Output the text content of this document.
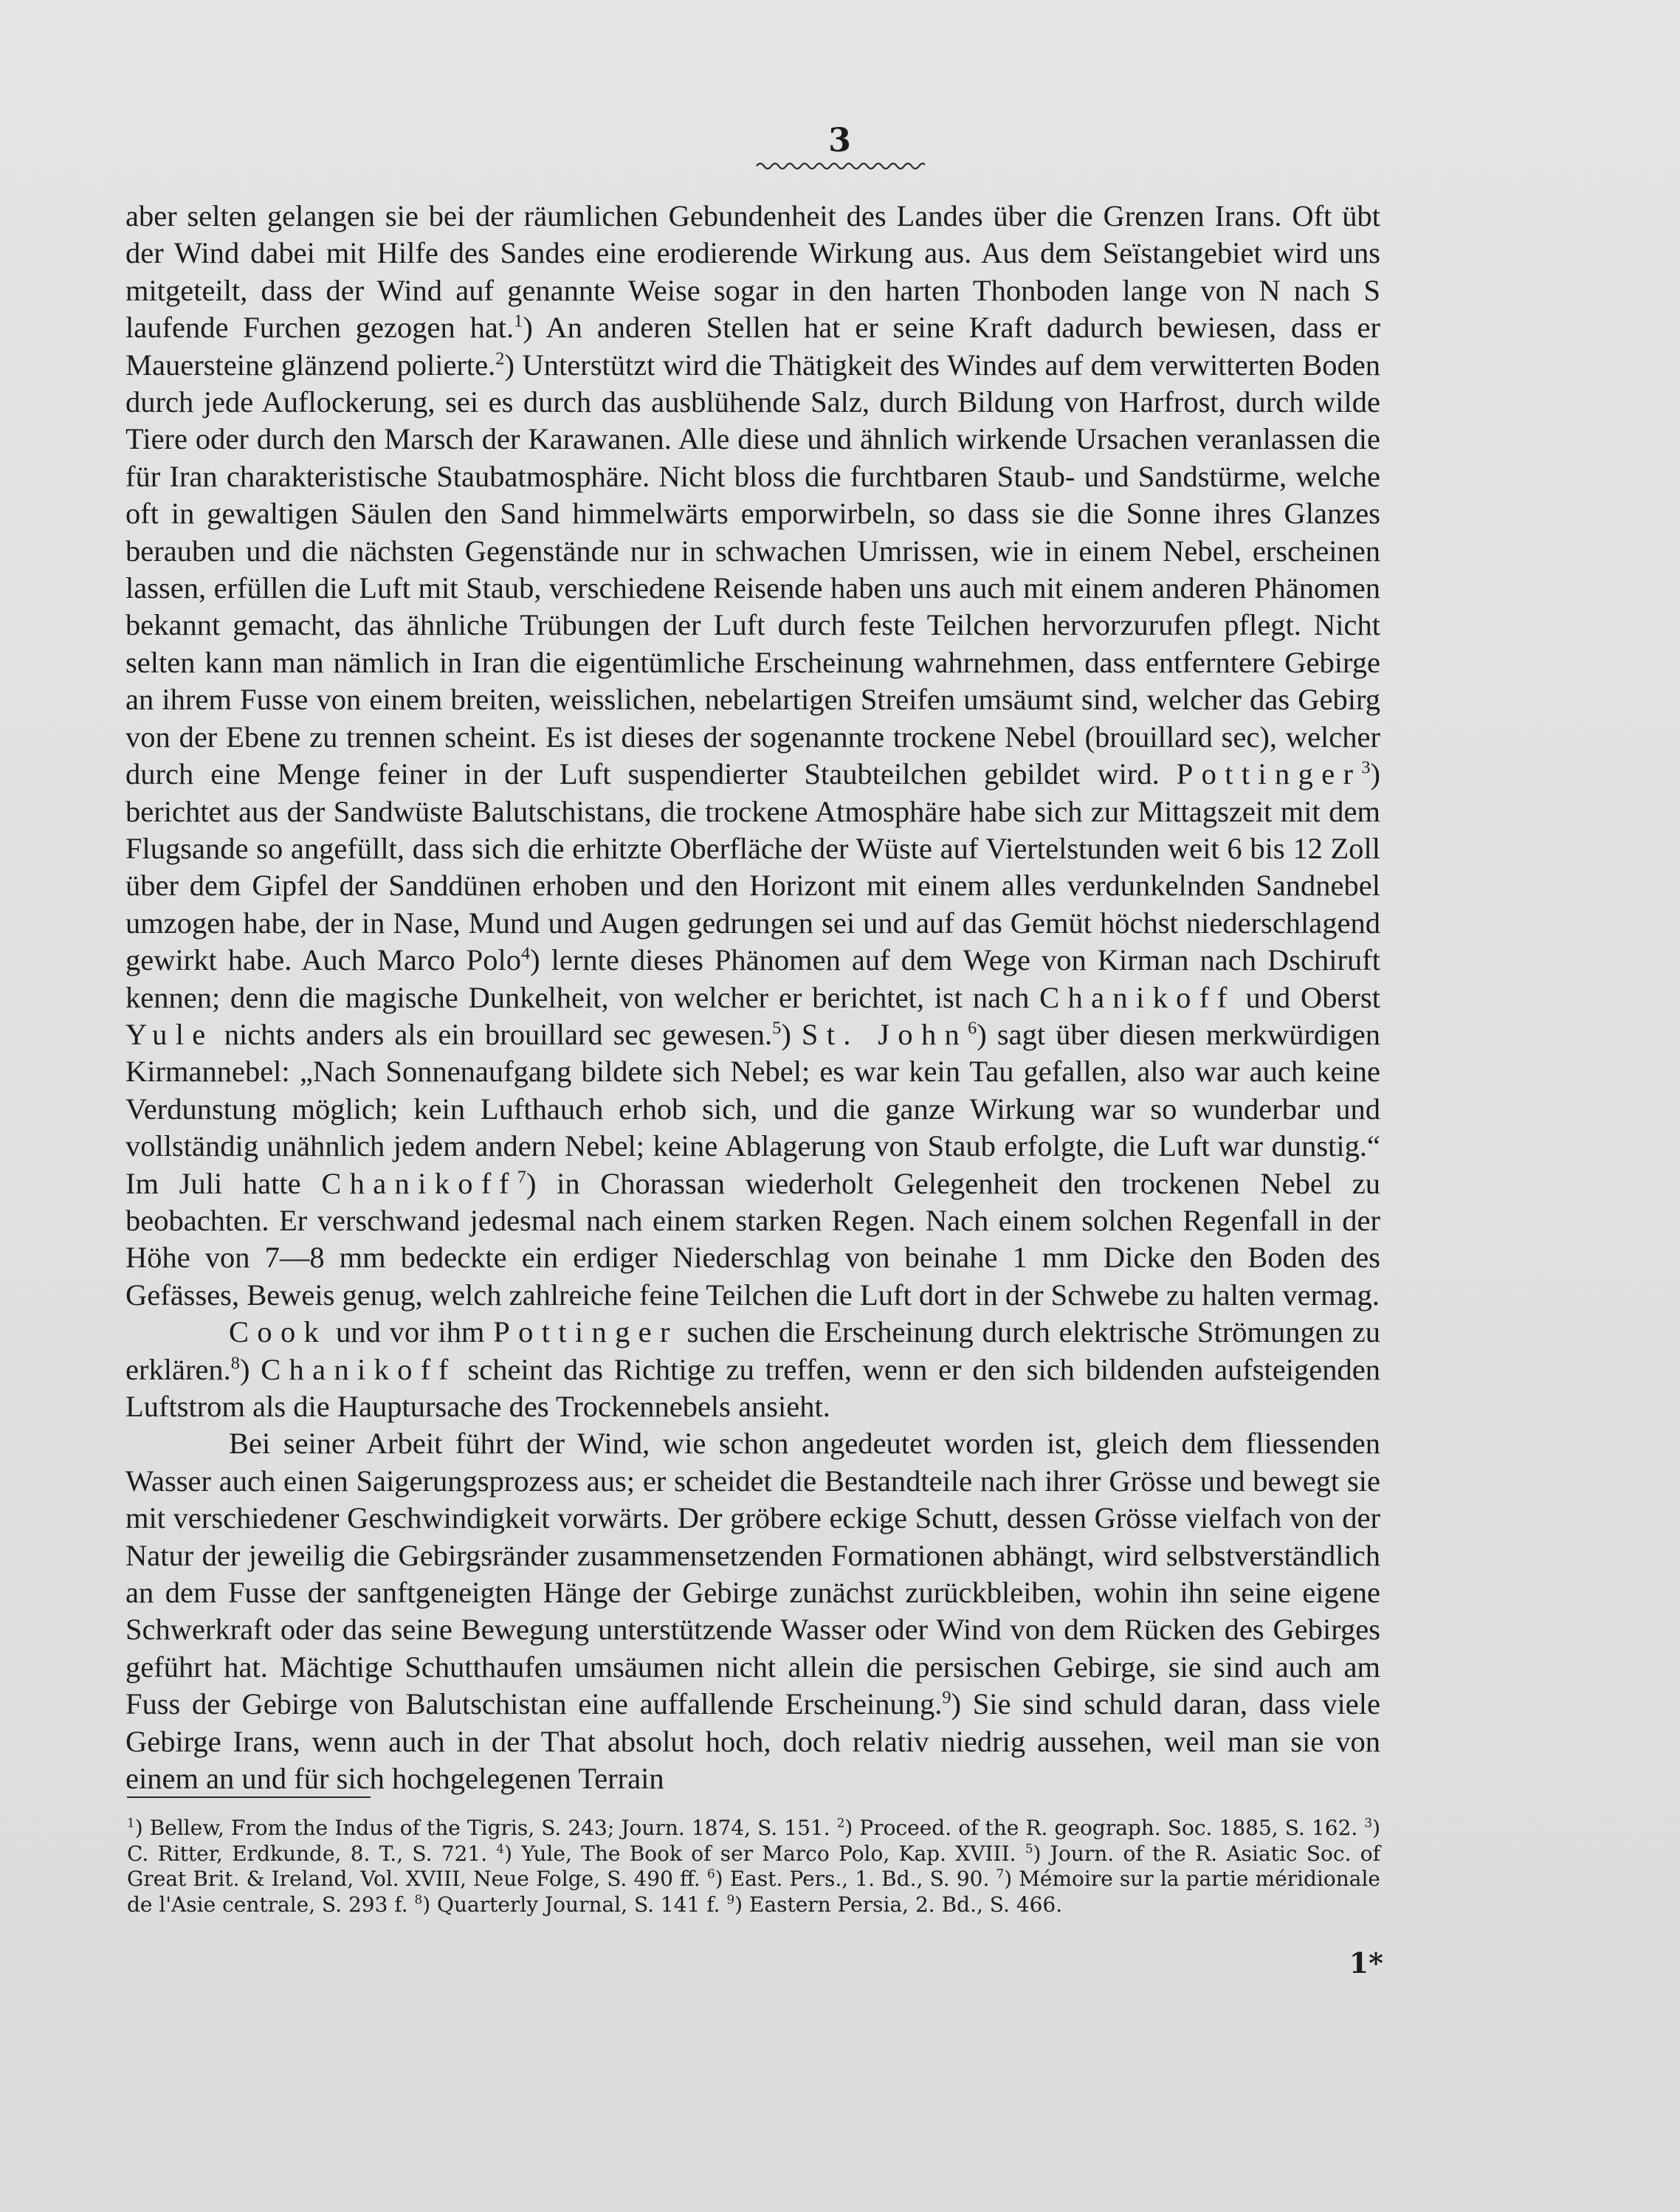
3

aber selten gelangen sie bei der räumlichen Gebundenheit des Landes über die Grenzen Irans. Oft übt der Wind dabei mit Hilfe des Sandes eine erodierende Wirkung aus. Aus dem Seïstangebiet wird uns mitgeteilt, dass der Wind auf genannte Weise sogar in den harten Thonboden lange von N nach S laufende Furchen gezogen hat.$^1$) An anderen Stellen hat er seine Kraft dadurch bewiesen, dass er Mauersteine glänzend polierte.$^2$) Unterstützt wird die Thätigkeit des Windes auf dem verwitterten Boden durch jede Auflockerung, sei es durch das ausblühende Salz, durch Bildung von Harfrost, durch wilde Tiere oder durch den Marsch der Karawanen. Alle diese und ähnlich wirkende Ursachen veranlassen die für Iran charakteristische Staubatmosphäre. Nicht bloss die furchtbaren Staub- und Sandstürme, welche oft in gewaltigen Säulen den Sand himmelwärts emporwirbeln, so dass sie die Sonne ihres Glanzes berauben und die nächsten Gegenstände nur in schwachen Umrissen, wie in einem Nebel, erscheinen lassen, erfüllen die Luft mit Staub, verschiedene Reisende haben uns auch mit einem anderen Phänomen bekannt gemacht, das ähnliche Trübungen der Luft durch feste Teilchen hervorzurufen pflegt. Nicht selten kann man nämlich in Iran die eigentümliche Erscheinung wahrnehmen, dass entferntere Gebirge an ihrem Fusse von einem breiten, weisslichen, nebelartigen Streifen umsäumt sind, welcher das Gebirg von der Ebene zu trennen scheint. Es ist dieses der sogenannte trockene Nebel (brouillard sec), welcher durch eine Menge feiner in der Luft suspendierter Staubteilchen gebildet wird. Pottinger$^3$) berichtet aus der Sandwüste Balutschistans, die trockene Atmosphäre habe sich zur Mittagszeit mit dem Flugsande so angefüllt, dass sich die erhitzte Oberfläche der Wüste auf Viertelstunden weit 6 bis 12 Zoll über dem Gipfel der Sanddünen erhoben und den Horizont mit einem alles verdunkelnden Sandnebel umzogen habe, der in Nase, Mund und Augen gedrungen sei und auf das Gemüt höchst niederschlagend gewirkt habe. Auch Marco Polo$^4$) lernte dieses Phänomen auf dem Wege von Kirman nach Dschiruft kennen; denn die magische Dunkelheit, von welcher er berichtet, ist nach Chanikoff und Oberst Yule nichts anders als ein brouillard sec gewesen.$^5$) St. John$^6$) sagt über diesen merkwürdigen Kirmannebel: „Nach Sonnenaufgang bildete sich Nebel; es war kein Tau gefallen, also war auch keine Verdunstung möglich; kein Lufthauch erhob sich, und die ganze Wirkung war so wunderbar und vollständig unähnlich jedem andern Nebel; keine Ablagerung von Staub erfolgte, die Luft war dunstig.“ Im Juli hatte Chanikoff$^7$) in Chorassan wiederholt Gelegenheit den trockenen Nebel zu beobachten. Er verschwand jedesmal nach einem starken Regen. Nach einem solchen Regenfall in der Höhe von 7—8 mm bedeckte ein erdiger Niederschlag von beinahe 1 mm Dicke den Boden des Gefässes, Beweis genug, welch zahlreiche feine Teilchen die Luft dort in der Schwebe zu halten vermag.

Cook und vor ihm Pottinger suchen die Erscheinung durch elektrische Strömungen zu erklären.$^8$) Chanikoff scheint das Richtige zu treffen, wenn er den sich bildenden aufsteigenden Luftstrom als die Hauptursache des Trockennebels ansieht.

Bei seiner Arbeit führt der Wind, wie schon angedeutet worden ist, gleich dem fliessenden Wasser auch einen Saigerungsprozess aus; er scheidet die Bestandteile nach ihrer Grösse und bewegt sie mit verschiedener Geschwindigkeit vorwärts. Der gröbere eckige Schutt, dessen Grösse vielfach von der Natur der jeweilig die Gebirgsränder zusammensetzenden Formationen abhängt, wird selbstverständlich an dem Fusse der sanftgeneigten Hänge der Gebirge zunächst zurückbleiben, wohin ihn seine eigene Schwerkraft oder das seine Bewegung unterstützende Wasser oder Wind von dem Rücken des Gebirges geführt hat. Mächtige Schutthaufen umsäumen nicht allein die persischen Gebirge, sie sind auch am Fuss der Gebirge von Balutschistan eine auffallende Erscheinung.$^9$) Sie sind schuld daran, dass viele Gebirge Irans, wenn auch in der That absolut hoch, doch relativ niedrig aussehen, weil man sie von einem an und für sich hochgelegenen Terrain

$^1$) Bellew, From the Indus of the Tigris, S. 243; Journ. 1874, S. 151. $^2$) Proceed. of the R. geograph. Soc. 1885, S. 162. $^3$) C. Ritter, Erdkunde, 8. T., S. 721. $^4$) Yule, The Book of ser Marco Polo, Kap. XVIII. $^5$) Journ. of the R. Asiatic Soc. of Great Brit. & Ireland, Vol. XVIII, Neue Folge, S. 490 ff. $^6$) East. Pers., 1. Bd., S. 90. $^7$) Mémoire sur la partie méridionale de l'Asie centrale, S. 293 f. $^8$) Quarterly Journal, S. 141 f. $^9$) Eastern Persia, 2. Bd., S. 466.
1*
